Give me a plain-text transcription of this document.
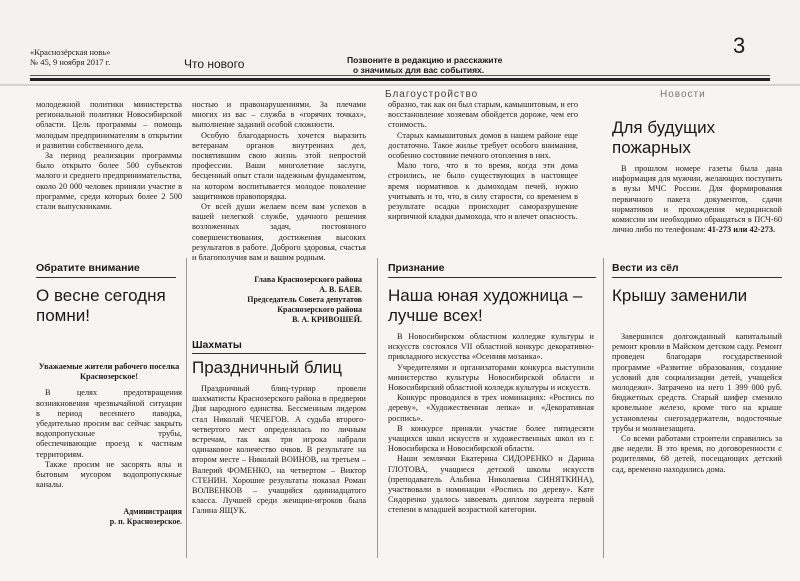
«Краснозёрская новь»
№ 45, 9 ноября 2017 г.	Что нового	Позвоните в редакцию и расскажите
о значимых для вас событиях.
3
Благоустройство	Новости

молодежной политики министерства региональной политики Новосибирской области. Цель программы – помощь молодым предпринимателям в открытии и развитии собственного дела.

За период реализации программы было открыто более 500 субъектов малого и среднего предпринимательства, около 20 000 человек приняли участие в программе, среди которых более 2 500 стали выпускниками.

ностью и правонарушениями. За плечами многих из вас – служба в «горячих точках», выполнение заданий особой сложности.

Особую благодарность хочется выразить ветеранам органов внутренних дел, посвятившим свою жизнь этой непростой профессии. Ваши многолетние заслуги, бесценный опыт стали надежным фундаментом, на котором воспитывается молодое поколение защитников правопорядка.

От всей души желаем всем вам успехов в вашей нелегкой службе, удачного решения возложенных задач, постоянного совершенствования, достижения высоких результатов в работе. Доброго здоровья, счастья и благополучия вам и вашим родным.

образно, так как он был старым, камышитовым, и его восстановление хозяевам обойдется дороже, чем его стоимость.

Старых камышитовых домов в нашем районе еще достаточно. Такое жилье требует особого внимания, особенно состояние печного отопления в них.

Мало того, что в то время, когда эти дома строились, не было существующих в настоящее время нормативов к дымоходам печей, нужно учитывать и то, что, в силу старости, со временем в результате осадки происходит саморазрушение кирпичной кладки дымохода, что и влечет опасность.

Для будущих пожарных

В прошлом номере газеты была дана информация для мужчин, желающих поступить в вузы МЧС России. Для формирования первичного пакета документов, сдачи нормативов и прохождения медицинской комиссии им необходимо обращаться в ПСЧ-60 лично либо по телефонам: 41-273 или 42-273.

Глава Краснозерского района
А. В. БАЕВ.
Председатель Совета депутатов
Краснозерского района
В. А. КРИВОШЕЙ.
Обратите внимание
О весне сегодня помни!

Уважаемые жители рабочего поселка Краснозерское!

В целях предотвращения возникновения чрезвычайной ситуации в период весеннего паводка, убедительно просим вас сейчас закрыть водопропускные трубы, обеспечивающие проезд к частным территориям.

Также просим не засорять ялы и бытовым мусором водопропускные каналы.

Администрация
р. п. Краснозерское.
Шахматы
Праздничный блиц

Праздничный блиц-турнир провели шахматисты Краснозерского района в предверии Дня народного единства. Бессменным лидером стал Николай ЧЕЧЕГОВ. А судьба второго-четвертого мест определялась по личным встречам, так как три игрока набрали одинаковое количество очков. В результате на втором месте – Николай ВОИНОВ, на третьем – Валерий ФОМЕНКО, на четвертом – Виктор СТЕНИН. Хорошие результаты показал Роман ВОЛВЕНКОВ – учащийся одиннадцатого класса. Лучшей среди женщин-игроков была Галина ЯЩУК.

Признание
Наша юная художница – лучше всех!

В Новосибирском областном колледже культуры и искусств состоялся VII областной конкурс декоративно-прикладного искусства «Осенняя мозаика».

Учредителями и организаторами конкурса выступили министерство культуры Новосибирской области и Новосибирский областной колледж культуры и искусств.

Конкурс проводился в трех номинациях: «Роспись по дереву», «Художественная лепка» и «Декоративная роспись».

В конкурсе приняли участие более пятидесяти учащихся школ искусств и художественных школ из г. Новосибирска и Новосибирской области.

Наши землячки Екатерина СИДОРЕНКО и Дарина ГЛОТОВА, учащиеся детской школы искусств (преподаватель Альбина Николаевна СИНЯТКИНА), участвовали в номинации «Роспись по дереву». Кате Сидоренко удалось завоевать диплом лауреата первой степени в младшей возрастной категории.

Вести из сёл
Крышу заменили

Завершился долгожданный капитальный ремонт кровли в Майском детском саду. Ремонт проведен благодаря государственной программе «Развитие образования, создание условий для социализации детей, учащейся молодежи». Затрачено на него 1 399 000 руб. бюджетных средств. Старый шифер сменило кровельное железо, кроме того на крыше установлены снегозадержатели, водосточные трубы и молниезащита.

Со всеми работами строители справились за две недели. В это время, по договоренности с родителями, 68 детей, посещающих детский сад, временно находились дома.
